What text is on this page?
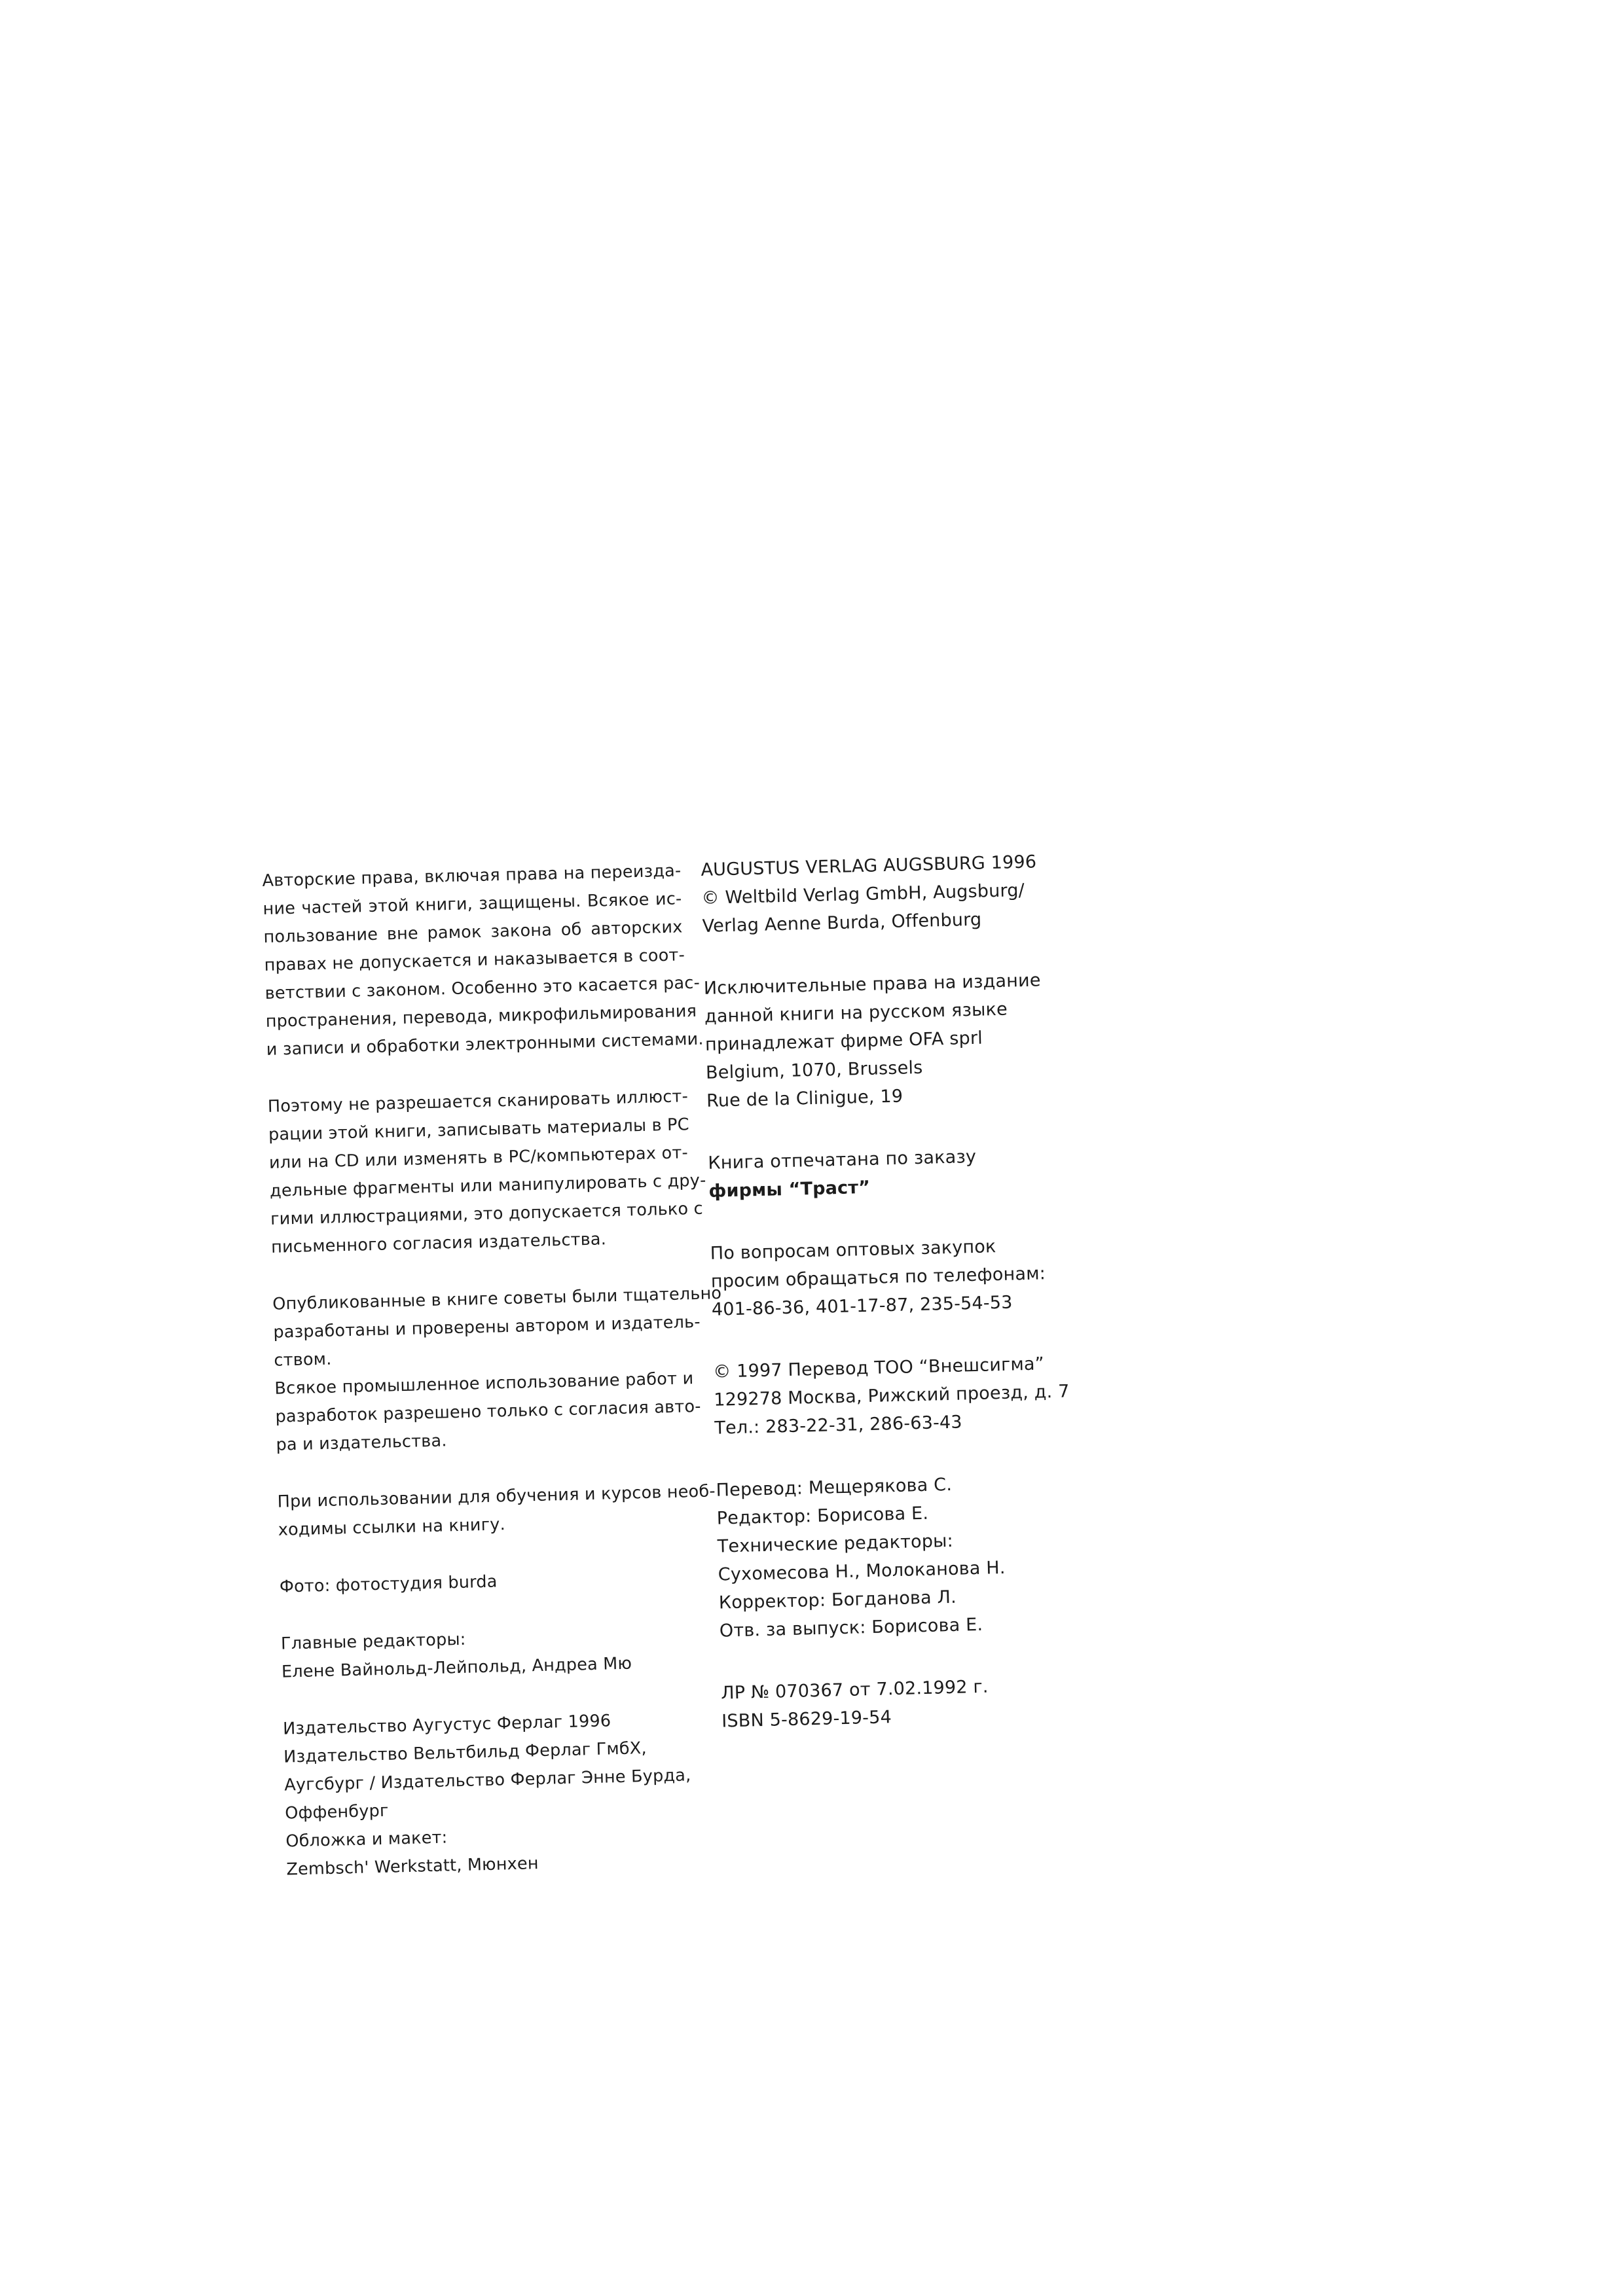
Авторские права, включая права на переизда-
ние частей этой книги, защищены. Всякое ис-
пользование вне рамок закона об авторских
правах не допускается и наказывается в соот-
ветствии с законом. Особенно это касается рас-
пространения, перевода, микрофильмирования
и записи и обработки электронными системами.
Поэтому не разрешается сканировать иллюст-
рации этой книги, записывать материалы в PC
или на CD или изменять в PC/компьютерах от-
дельные фрагменты или манипулировать с дру-
гими иллюстрациями, это допускается только с
письменного согласия издательства.
Опубликованные в книге советы были тщательно
разработаны и проверены автором и издатель-
ством.
Всякое промышленное использование работ и
разработок разрешено только с согласия авто-
ра и издательства.
При использовании для обучения и курсов необ-
ходимы ссылки на книгу.
Фото: фотостудия burda
Главные редакторы:
Елене Вайнольд-Лейпольд, Андреа Мю
Издательство Аугустус Ферлаг 1996
Издательство Вельтбильд Ферлаг ГмбХ,
Аугсбург / Издательство Ферлаг Энне Бурда,
Оффенбург
Обложка и макет:
Zembsch' Werkstatt, Мюнхен
AUGUSTUS VERLAG AUGSBURG 1996
© Weltbild Verlag GmbH, Augsburg/
Verlag Aenne Burda, Offenburg
Исключительные права на издание
данной книги на русском языке
принадлежат фирме OFA sprl
Belgium, 1070, Brussels
Rue de la Clinigue, 19
Книга отпечатана по заказу
фирмы “Траст”
По вопросам оптовых закупок
просим обращаться по телефонам:
401-86-36, 401-17-87, 235-54-53
© 1997 Перевод ТОО “Внешсигма”
129278 Москва, Рижский проезд, д. 7
Тел.: 283-22-31, 286-63-43
Перевод: Мещерякова С.
Редактор: Борисова Е.
Технические редакторы:
Сухомесова Н., Молоканова Н.
Корректор: Богданова Л.
Отв. за выпуск: Борисова Е.
ЛР № 070367 от 7.02.1992 г.
ISBN 5-8629-19-54
